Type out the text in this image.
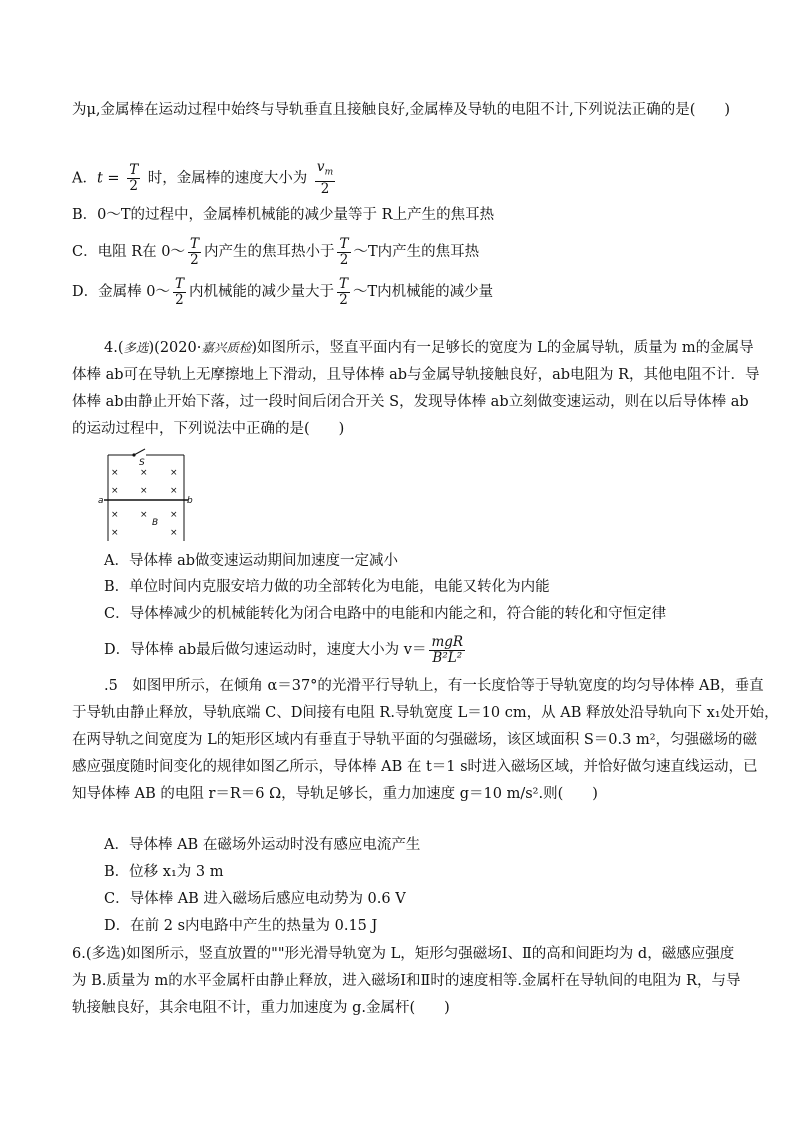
为μ,金属棒在运动过程中始终与导轨垂直且接触良好,金属棒及导轨的电阻不计,下列说法正确的是(　　)
A．$t = \frac{T}{2}$ 时，金属棒的速度大小为 $\frac{v_m}{2}$
B．0～T的过程中，金属棒机械能的减少量等于 R上产生的焦耳热
C．电阻 R在 0～ $\frac{T}{2}$ 内产生的焦耳热小于 $\frac{T}{2}$ ～T内产生的焦耳热
D．金属棒 0～ $\frac{T}{2}$ 内机械能的减少量大于 $\frac{T}{2}$ ～T内机械能的减少量
4.(多选)(2020·嘉兴质检)如图所示，竖直平面内有一足够长的宽度为 L的金属导轨，质量为 m的金属导
体棒 ab可在导轨上无摩擦地上下滑动，且导体棒 ab与金属导轨接触良好，ab电阻为 R，其他电阻不计．导
体棒 ab由静止开始下落，过一段时间后闭合开关 S，发现导体棒 ab立刻做变速运动，则在以后导体棒 ab
的运动过程中，下列说法中正确的是(　　)
S
a	b
B
× × ×
× × ×
× × ×
×	×
A．导体棒 ab做变速运动期间加速度一定减小
B．单位时间内克服安培力做的功全部转化为电能，电能又转化为内能
C．导体棒减少的机械能转化为闭合电路中的电能和内能之和，符合能的转化和守恒定律
D．导体棒 ab最后做匀速运动时，速度大小为 $v= \frac{\text{mgR}}{\text{B²L²}}$
.5　如图甲所示，在倾角 α＝37°的光滑平行导轨上，有一长度恰等于导轨宽度的均匀导体棒 AB，垂直
于导轨由静止释放，导轨底端 C、D间接有电阻 R.导轨宽度 L＝10 cm，从 AB 释放处沿导轨向下 x₁处开始，
在两导轨之间宽度为 L的矩形区域内有垂直于导轨平面的匀强磁场，该区域面积 S＝0.3 m²，匀强磁场的磁
感应强度随时间变化的规律如图乙所示，导体棒 AB 在 t＝1 s时进入磁场区域，并恰好做匀速直线运动，已
知导体棒 AB 的电阻 r＝R＝6 Ω，导轨足够长，重力加速度 g＝10 m/s².则(　　)
A．导体棒 AB 在磁场外运动时没有感应电流产生
B．位移 x₁为 3 m
C．导体棒 AB 进入磁场后感应电动势为 0.6 V
D．在前 2 s内电路中产生的热量为 0.15 J
6.(多选)如图所示，竖直放置的""形光滑导轨宽为 L，矩形匀强磁场Ⅰ、Ⅱ的高和间距均为 d，磁感应强度
为 B.质量为 m的水平金属杆由静止释放，进入磁场Ⅰ和Ⅱ时的速度相等.金属杆在导轨间的电阻为 R，与导
轨接触良好，其余电阻不计，重力加速度为 g.金属杆(　　)
